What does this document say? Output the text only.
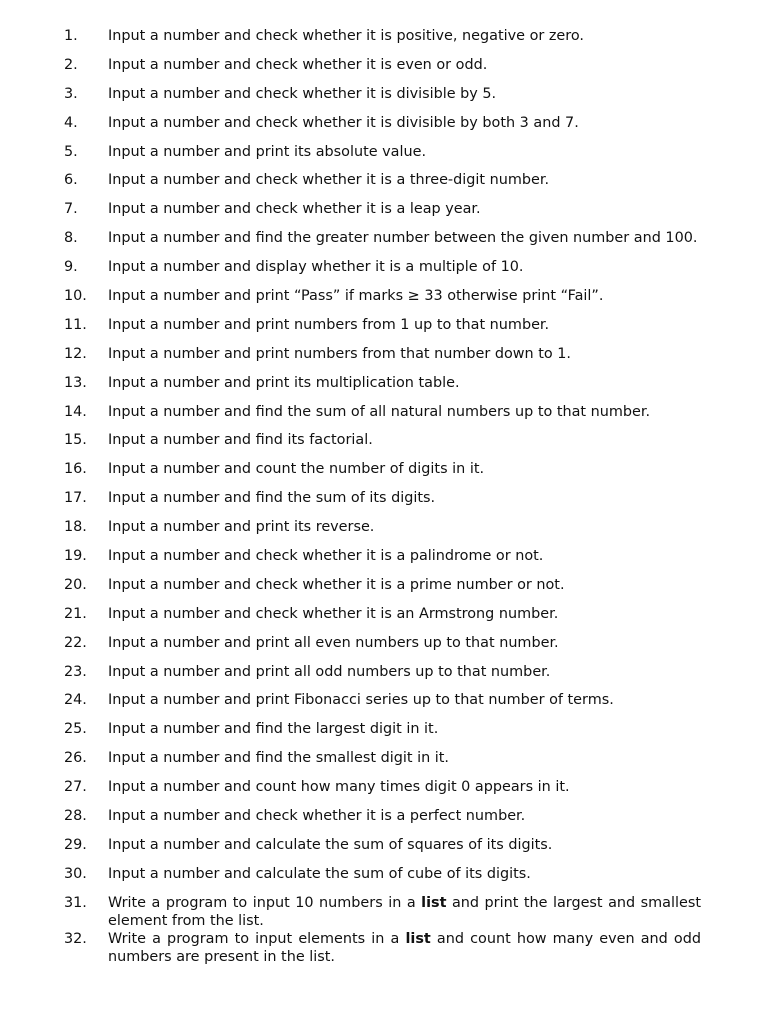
1.	Input a number and check whether it is positive, negative or zero.
2.	Input a number and check whether it is even or odd.
3.	Input a number and check whether it is divisible by 5.
4.	Input a number and check whether it is divisible by both 3 and 7.
5.	Input a number and print its absolute value.
6.	Input a number and check whether it is a three-digit number.
7.	Input a number and check whether it is a leap year.
8.	Input a number and find the greater number between the given number and 100.
9.	Input a number and display whether it is a multiple of 10.
10.	Input a number and print “Pass” if marks ≥ 33 otherwise print “Fail”.
11.	Input a number and print numbers from 1 up to that number.
12.	Input a number and print numbers from that number down to 1.
13.	Input a number and print its multiplication table.
14.	Input a number and find the sum of all natural numbers up to that number.
15.	Input a number and find its factorial.
16.	Input a number and count the number of digits in it.
17.	Input a number and find the sum of its digits.
18.	Input a number and print its reverse.
19.	Input a number and check whether it is a palindrome or not.
20.	Input a number and check whether it is a prime number or not.
21.	Input a number and check whether it is an Armstrong number.
22.	Input a number and print all even numbers up to that number.
23.	Input a number and print all odd numbers up to that number.
24.	Input a number and print Fibonacci series up to that number of terms.
25.	Input a number and find the largest digit in it.
26.	Input a number and find the smallest digit in it.
27.	Input a number and count how many times digit 0 appears in it.
28.	Input a number and check whether it is a perfect number.
29.	Input a number and calculate the sum of squares of its digits.
30.	Input a number and calculate the sum of cube of its digits.
31.	Write a program to input 10 numbers in a list and print the largest and smallest element from the list.
32.	Write a program to input elements in a list and count how many even and odd numbers are present in the list.
